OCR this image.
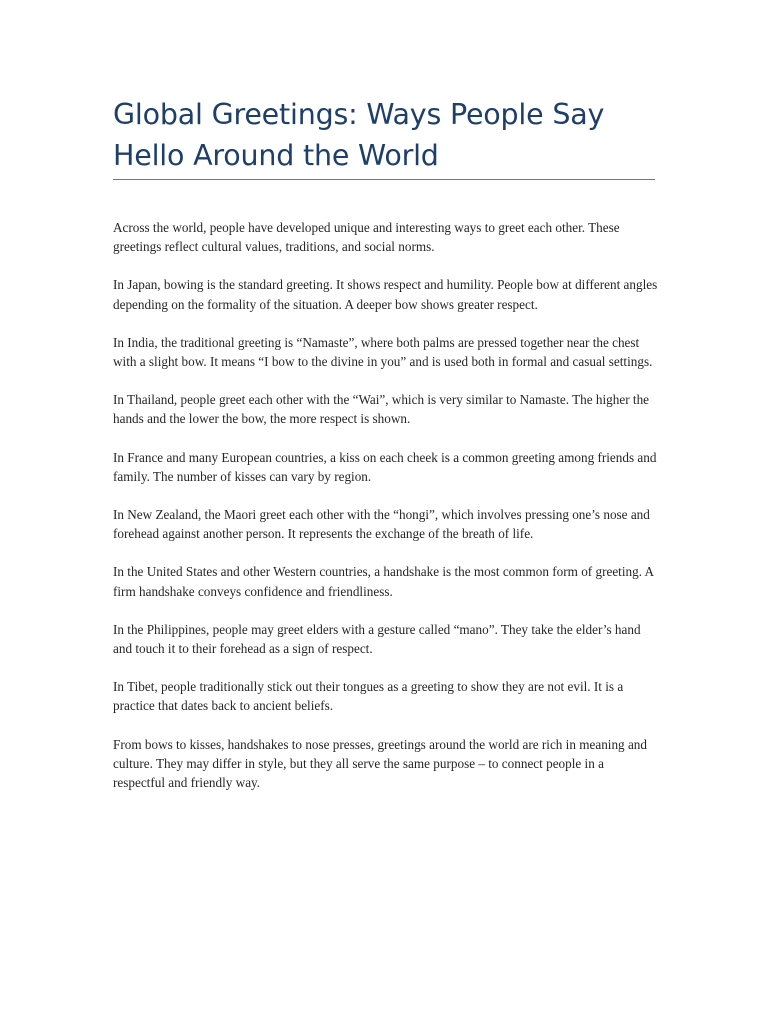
Global Greetings: Ways People Say Hello Around the World

Across the world, people have developed unique and interesting ways to greet each other. These greetings reflect cultural values, traditions, and social norms.

In Japan, bowing is the standard greeting. It shows respect and humility. People bow at different angles depending on the formality of the situation. A deeper bow shows greater respect.

In India, the traditional greeting is “Namaste”, where both palms are pressed together near the chest with a slight bow. It means “I bow to the divine in you” and is used both in formal and casual settings.

In Thailand, people greet each other with the “Wai”, which is very similar to Namaste. The higher the hands and the lower the bow, the more respect is shown.

In France and many European countries, a kiss on each cheek is a common greeting among friends and family. The number of kisses can vary by region.

In New Zealand, the Maori greet each other with the “hongi”, which involves pressing one’s nose and forehead against another person. It represents the exchange of the breath of life.

In the United States and other Western countries, a handshake is the most common form of greeting. A firm handshake conveys confidence and friendliness.

In the Philippines, people may greet elders with a gesture called “mano”. They take the elder’s hand and touch it to their forehead as a sign of respect.

In Tibet, people traditionally stick out their tongues as a greeting to show they are not evil. It is a practice that dates back to ancient beliefs.

From bows to kisses, handshakes to nose presses, greetings around the world are rich in meaning and culture. They may differ in style, but they all serve the same purpose – to connect people in a respectful and friendly way.
